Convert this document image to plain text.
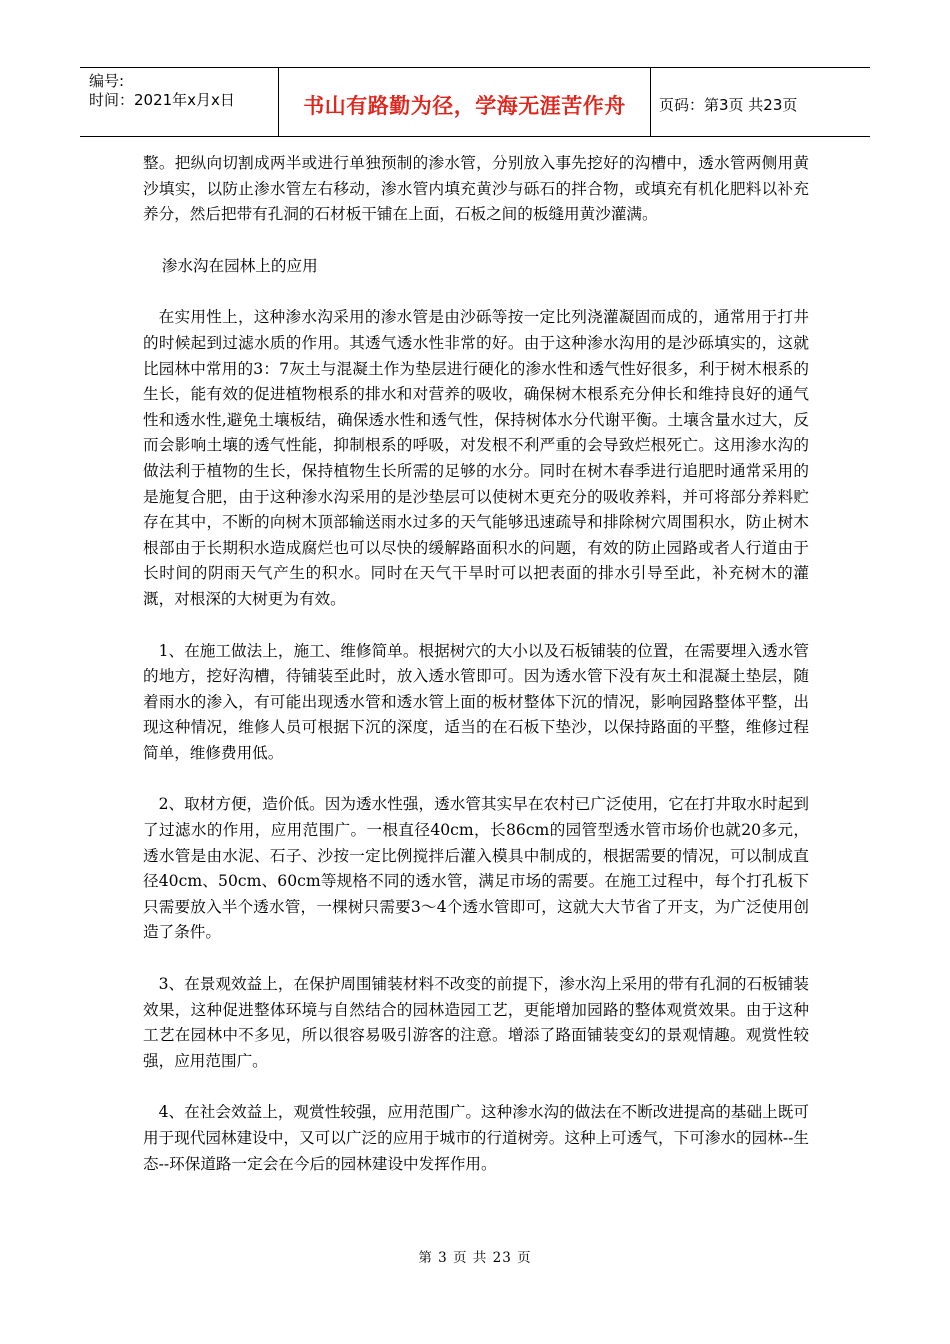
编号:
时间：2021年x月x日	书山有路勤为径，学海无涯苦作舟	页码：第3页 共23页

整。把纵向切割成两半或进行单独预制的渗水管，分别放入事先挖好的沟槽中，透水管两侧用黄沙填实，以防止渗水管左右移动，渗水管内填充黄沙与砾石的拌合物，或填充有机化肥料以补充养分，然后把带有孔洞的石材板干铺在上面，石板之间的板缝用黄沙灌满。

渗水沟在园林上的应用

在实用性上，这种渗水沟采用的渗水管是由沙砾等按一定比列浇灌凝固而成的，通常用于打井的时候起到过滤水质的作用。其透气透水性非常的好。由于这种渗水沟用的是沙砾填实的，这就比园林中常用的3：7灰土与混凝土作为垫层进行硬化的渗水性和透气性好很多，利于树木根系的生长，能有效的促进植物根系的排水和对营养的吸收，确保树木根系充分伸长和维持良好的通气性和透水性,避免土壤板结，确保透水性和透气性，保持树体水分代谢平衡。土壤含量水过大，反而会影响土壤的透气性能，抑制根系的呼吸，对发根不利严重的会导致烂根死亡。这用渗水沟的做法利于植物的生长，保持植物生长所需的足够的水分。同时在树木春季进行追肥时通常采用的是施复合肥，由于这种渗水沟采用的是沙垫层可以使树木更充分的吸收养料，并可将部分养料贮存在其中，不断的向树木顶部输送雨水过多的天气能够迅速疏导和排除树穴周围积水，防止树木根部由于长期积水造成腐烂也可以尽快的缓解路面积水的问题，有效的防止园路或者人行道由于长时间的阴雨天气产生的积水。同时在天气干旱时可以把表面的排水引导至此，补充树木的灌溉，对根深的大树更为有效。

1、在施工做法上，施工、维修简单。根据树穴的大小以及石板铺装的位置，在需要埋入透水管的地方，挖好沟槽，待铺装至此时，放入透水管即可。因为透水管下没有灰土和混凝土垫层，随着雨水的渗入，有可能出现透水管和透水管上面的板材整体下沉的情况，影响园路整体平整，出现这种情况，维修人员可根据下沉的深度，适当的在石板下垫沙，以保持路面的平整，维修过程简单，维修费用低。

2、取材方便，造价低。因为透水性强，透水管其实早在农村已广泛使用，它在打井取水时起到了过滤水的作用，应用范围广。一根直径40cm，长86cm的园管型透水管市场价也就20多元，透水管是由水泥、石子、沙按一定比例搅拌后灌入模具中制成的，根据需要的情况，可以制成直径40cm、50cm、60cm等规格不同的透水管，满足市场的需要。在施工过程中，每个打孔板下只需要放入半个透水管，一棵树只需要3～4个透水管即可，这就大大节省了开支，为广泛使用创造了条件。

3、在景观效益上，在保护周围铺装材料不改变的前提下，渗水沟上采用的带有孔洞的石板铺装效果，这种促进整体环境与自然结合的园林造园工艺，更能增加园路的整体观赏效果。由于这种工艺在园林中不多见，所以很容易吸引游客的注意。增添了路面铺装变幻的景观情趣。观赏性较强，应用范围广。

4、在社会效益上，观赏性较强，应用范围广。这种渗水沟的做法在不断改进提高的基础上既可用于现代园林建设中，又可以广泛的应用于城市的行道树旁。这种上可透气，下可渗水的园林--生态--环保道路一定会在今后的园林建设中发挥作用。

第 3 页 共 23 页
